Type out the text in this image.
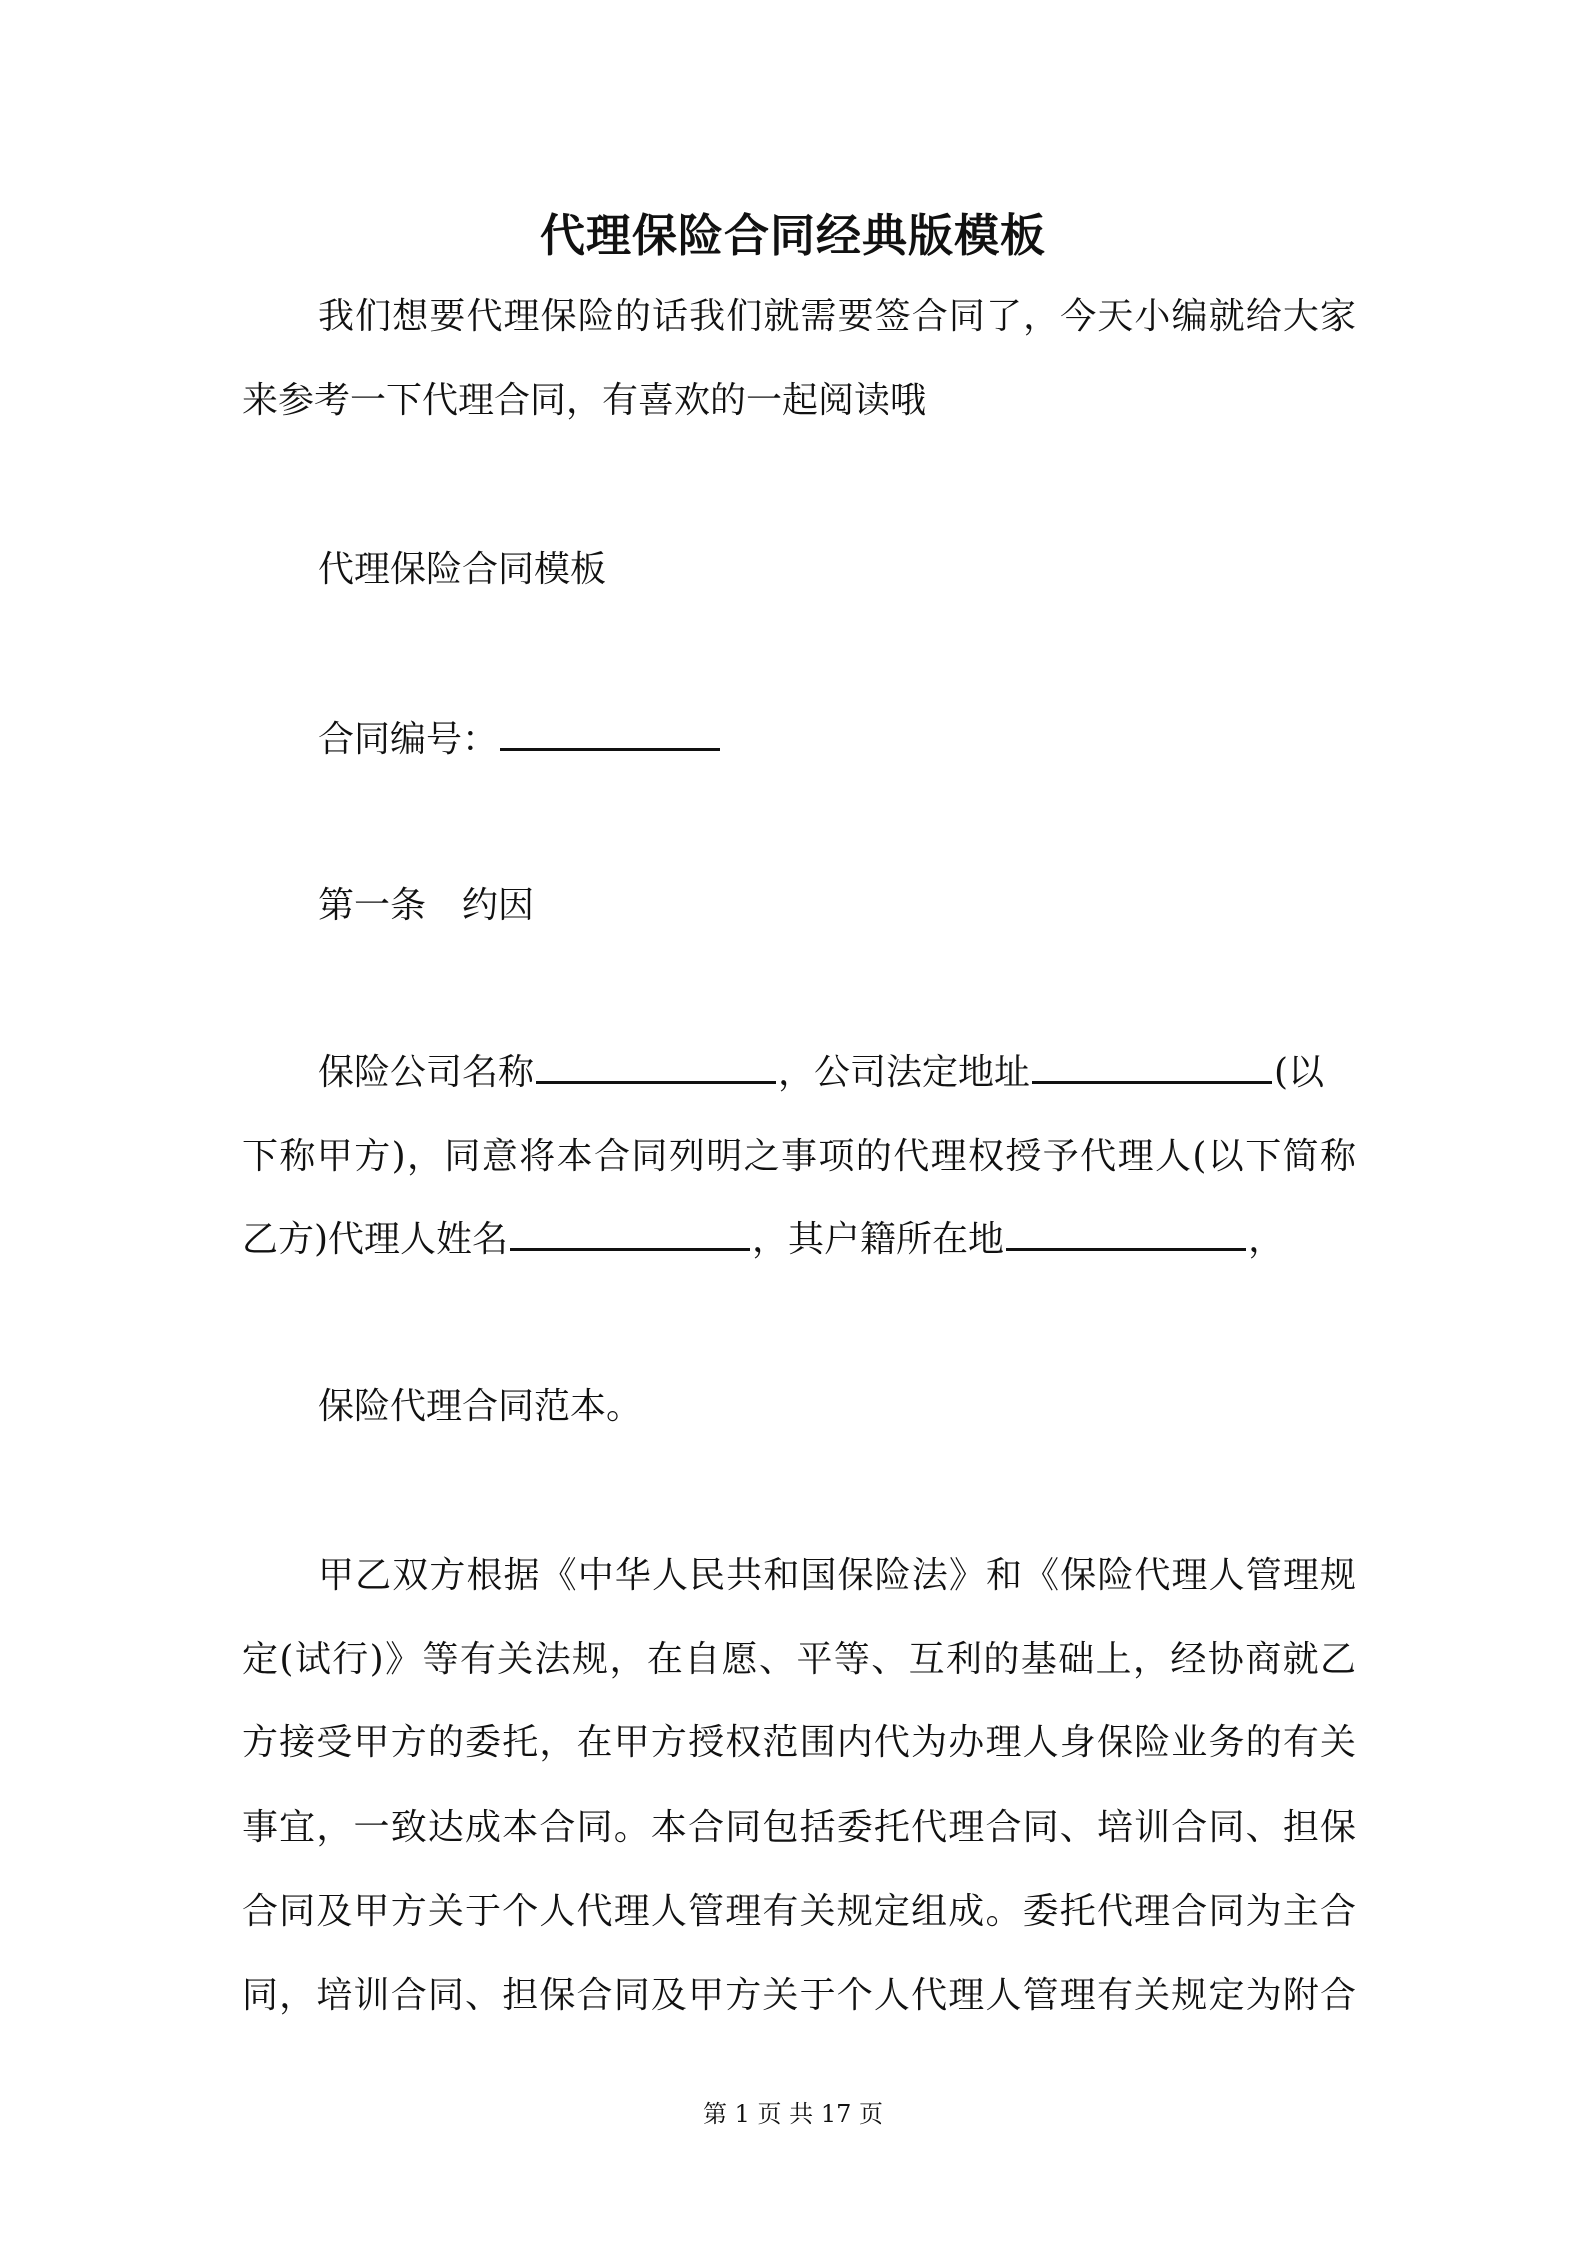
代理保险合同经典版模板
我们想要代理保险的话我们就需要签合同了，今天小编就给大家
来参考一下代理合同，有喜欢的一起阅读哦
代理保险合同模板
合同编号：
第一条　约因
保险公司名称	，公司法定地址	(以
下称甲方)，同意将本合同列明之事项的代理权授予代理人(以下简称
乙方)代理人姓名	，其户籍所在地	，
保险代理合同范本。
甲乙双方根据《中华人民共和国保险法》和《保险代理人管理规
定(试行)》等有关法规，在自愿、平等、互利的基础上，经协商就乙
方接受甲方的委托，在甲方授权范围内代为办理人身保险业务的有关
事宜，一致达成本合同。本合同包括委托代理合同、培训合同、担保
合同及甲方关于个人代理人管理有关规定组成。委托代理合同为主合
同，培训合同、担保合同及甲方关于个人代理人管理有关规定为附合
第 1 页 共 17 页
